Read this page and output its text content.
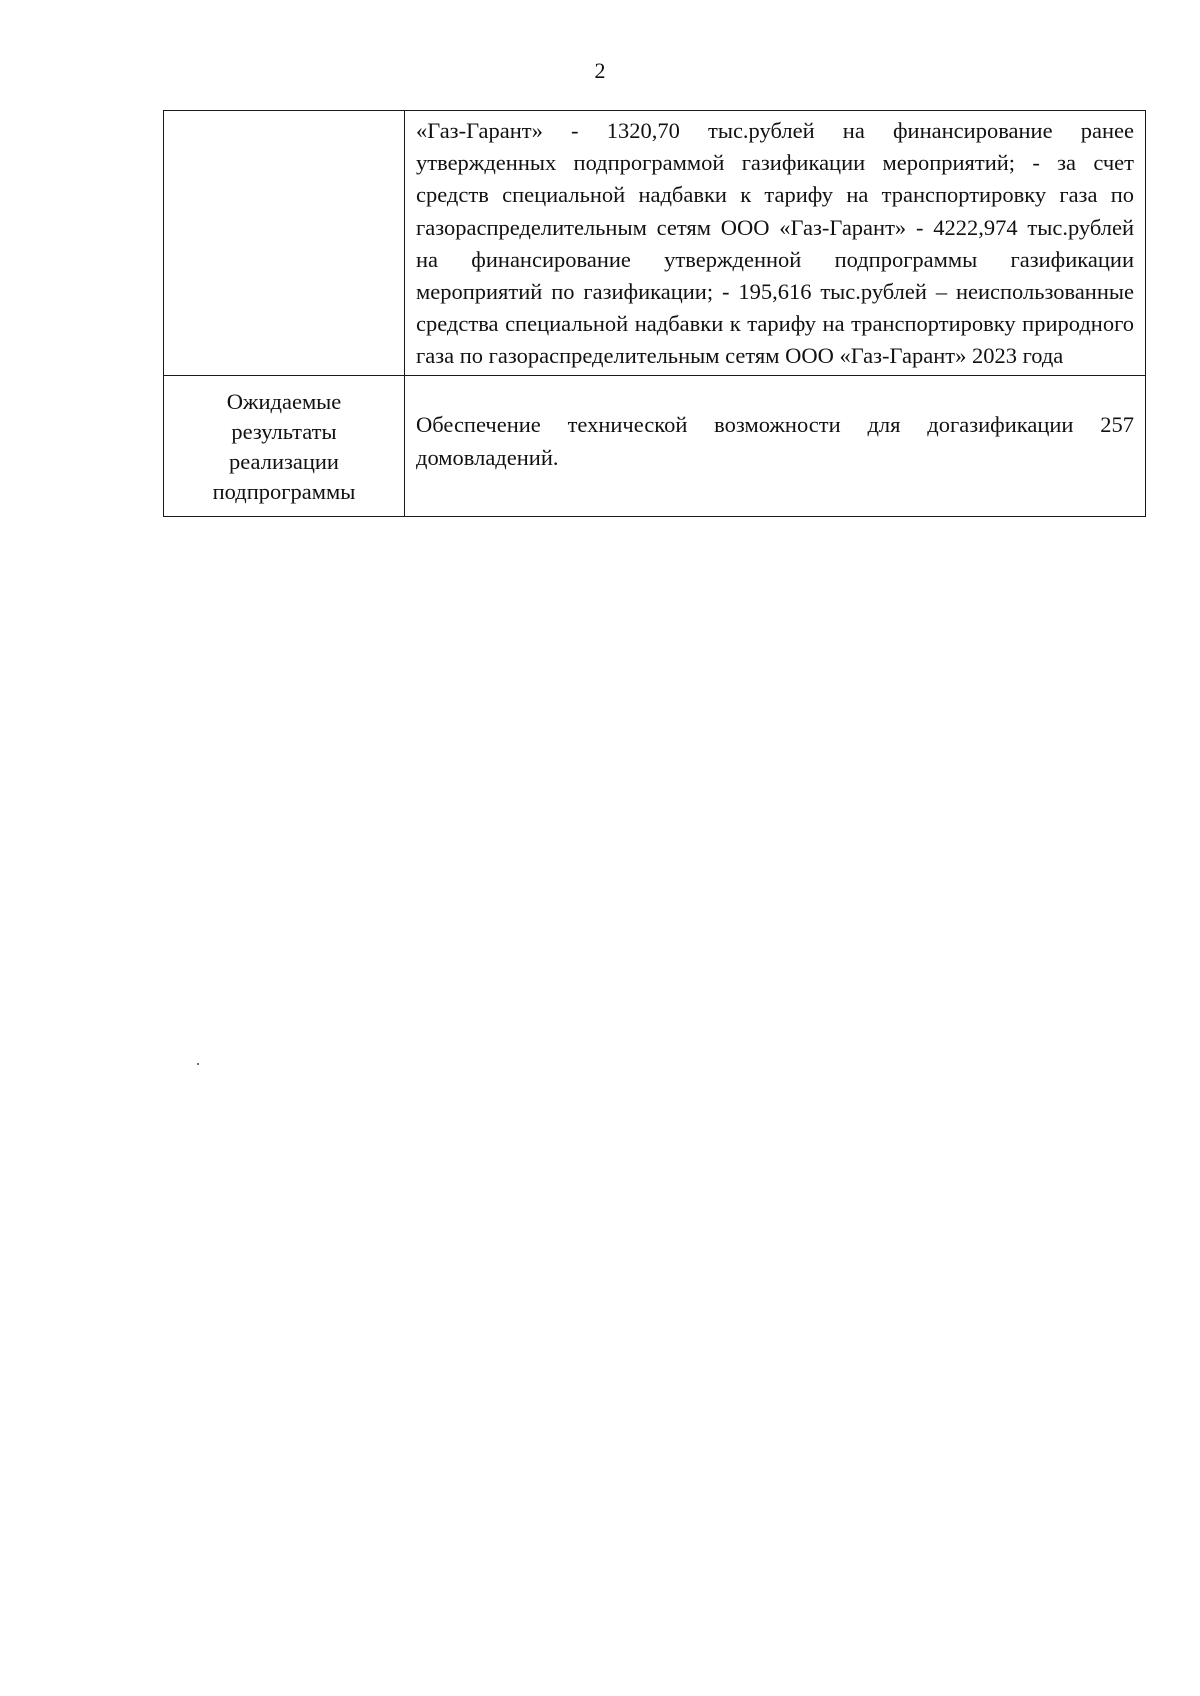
2

	«Газ-Гарант» - 1320,70 тыс.рублей на финансирование ранее утвержденных подпрограммой газификации мероприятий; - за счет средств специальной надбавки к тарифу на транспортировку газа по газораспределительным сетям ООО «Газ-Гарант» - 4222,974 тыс.рублей на финансирование утвержденной подпрограммы газификации мероприятий по газификации; - 195,616 тыс.рублей – неиспользованные средства специальной надбавки к тарифу на транспортировку природного газа по газораспределительным сетям ООО «Газ-Гарант» 2023 года

Ожидаемые
результаты
реализации
подпрограммы	Обеспечение технической возможности для догазификации 257 домовладений.
